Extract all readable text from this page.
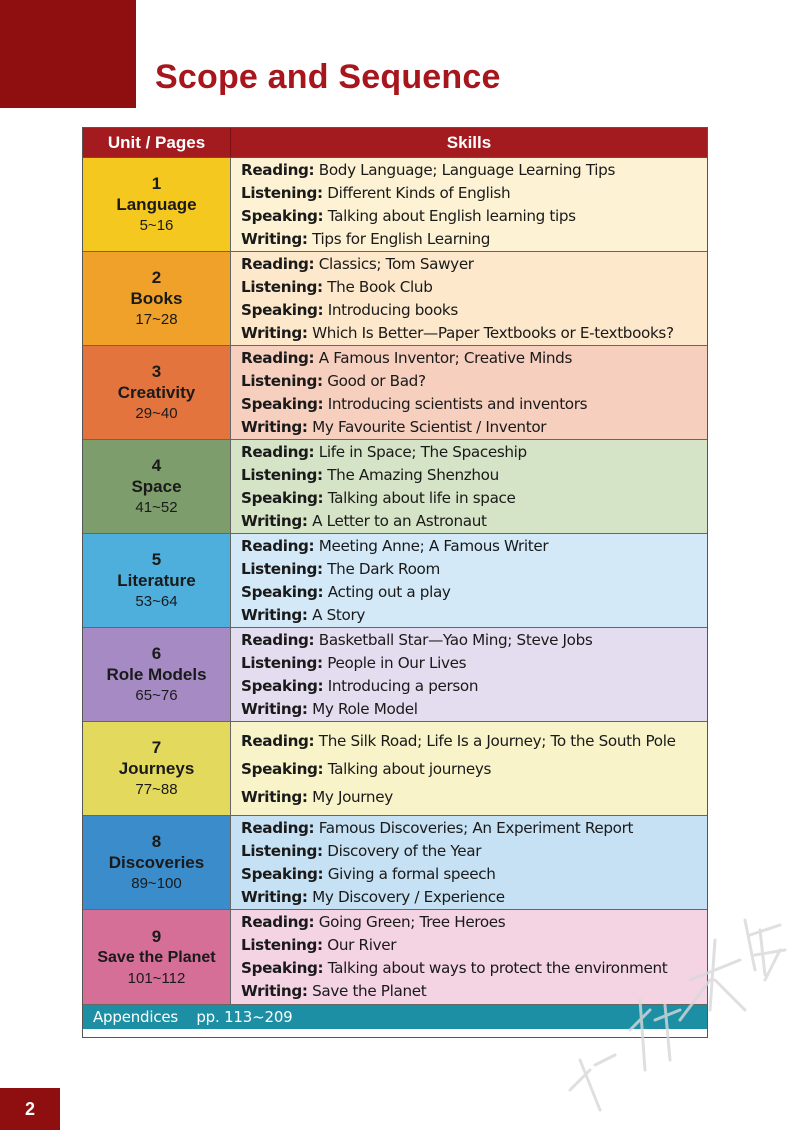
Scope and Sequence
Unit / Pages	Skills
1
Language
5~16
Reading: Body Language; Language Learning Tips
Listening: Different Kinds of English
Speaking: Talking about English learning tips
Writing: Tips for English Learning
2
Books
17~28
Reading: Classics; Tom Sawyer
Listening: The Book Club
Speaking: Introducing books
Writing: Which Is Better—Paper Textbooks or E-textbooks?
3
Creativity
29~40
Reading: A Famous Inventor; Creative Minds
Listening: Good or Bad?
Speaking: Introducing scientists and inventors
Writing: My Favourite Scientist / Inventor
4
Space
41~52
Reading: Life in Space; The Spaceship
Listening: The Amazing Shenzhou
Speaking: Talking about life in space
Writing: A Letter to an Astronaut
5
Literature
53~64
Reading: Meeting Anne; A Famous Writer
Listening: The Dark Room
Speaking: Acting out a play
Writing: A Story
6
Role Models
65~76
Reading: Basketball Star—Yao Ming; Steve Jobs
Listening: People in Our Lives
Speaking: Introducing a person
Writing: My Role Model
7
Journeys
77~88
Reading: The Silk Road; Life Is a Journey; To the South Pole
Speaking: Talking about journeys
Writing: My Journey
8
Discoveries
89~100
Reading: Famous Discoveries; An Experiment Report
Listening: Discovery of the Year
Speaking: Giving a formal speech
Writing: My Discovery / Experience
9
Save the Planet
101~112
Reading: Going Green; Tree Heroes
Listening: Our River
Speaking: Talking about ways to protect the environment
Writing: Save the Planet
Appendices
pp. 113~209
2
